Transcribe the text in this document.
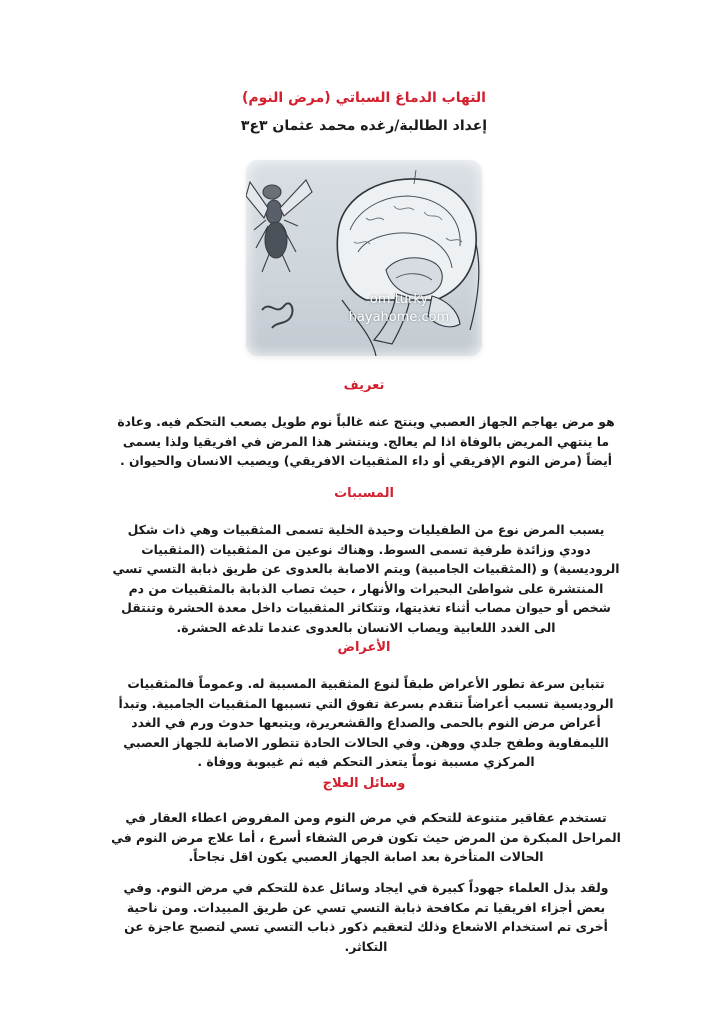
التهاب الدماغ السباتي (مرض النوم)
إعداد الطالبة/رغده محمد عثمان ٣ع٣
om turky
hayahome.com
تعريف
هو مرض يهاجم الجهاز العصبي وينتج عنه غالباً نوم طويل يصعب التحكم فيه. وعادة ما ينتهي المريض بالوفاة اذا لم يعالج. وينتشر هذا المرض في افريقيا ولذا يسمى أيضاً (مرض النوم الإفريقي أو داء المثقبيات الافريقي) ويصيب الانسان والحيوان .
المسببات
يسبب المرض نوع من الطفيليات وحيدة الخلية تسمى المثقبيات وهي ذات شكل دودي وزائدة طرفية تسمى السوط. وهناك نوعين من المثقبيات (المثقبيات الروديسية) و (المثقبيات الجامبية) ويتم الاصابة بالعدوى عن طريق ذبابة التسي تسي المنتشرة على شواطئ البحيرات والأنهار ، حيث تصاب الذبابة بالمثقبيات من دم شخص أو حيوان مصاب أثناء تغذيتها، وتتكاثر المثقبيات داخل معدة الحشرة وتنتقل الى الغدد اللعابية ويصاب الانسان بالعدوى عندما تلدغه الحشرة.
الأعراض
تتباين سرعة تطور الأعراض طبقاً لنوع المثقبية المسببة له. وعموماً فالمثقبيات الروديسية تسبب أعراضاً تتقدم بسرعة تفوق التي تسببها المثقبيات الجامبية. وتبدأ أعراض مرض النوم بالحمى والصداع والقشعريرة، ويتبعها حدوث ورم في الغدد الليمفاوية وطفح جلدي ووهن. وفي الحالات الحادة تتطور الاصابة للجهاز العصبي المركزي مسببة نوماً يتعذر التحكم فيه ثم غيبوبة ووفاة .
وسائل العلاج
تستخدم عقاقير متنوعة للتحكم في مرض النوم ومن المفروض اعطاء العقار في المراحل المبكرة من المرض حيث تكون فرص الشفاء أسرع ، أما علاج مرض النوم في الحالات المتأخرة بعد اصابة الجهاز العصبي يكون اقل نجاحاً.
ولقد بذل العلماء جهوداً كبيرة في ايجاد وسائل عدة للتحكم في مرض النوم. وفي بعض أجزاء افريقيا تم مكافحة ذبابة التسي تسي عن طريق المبيدات. ومن ناحية أخرى تم استخدام الاشعاع وذلك لتعقيم ذكور ذباب التسي تسي لتصبح عاجزة عن التكاثر.
